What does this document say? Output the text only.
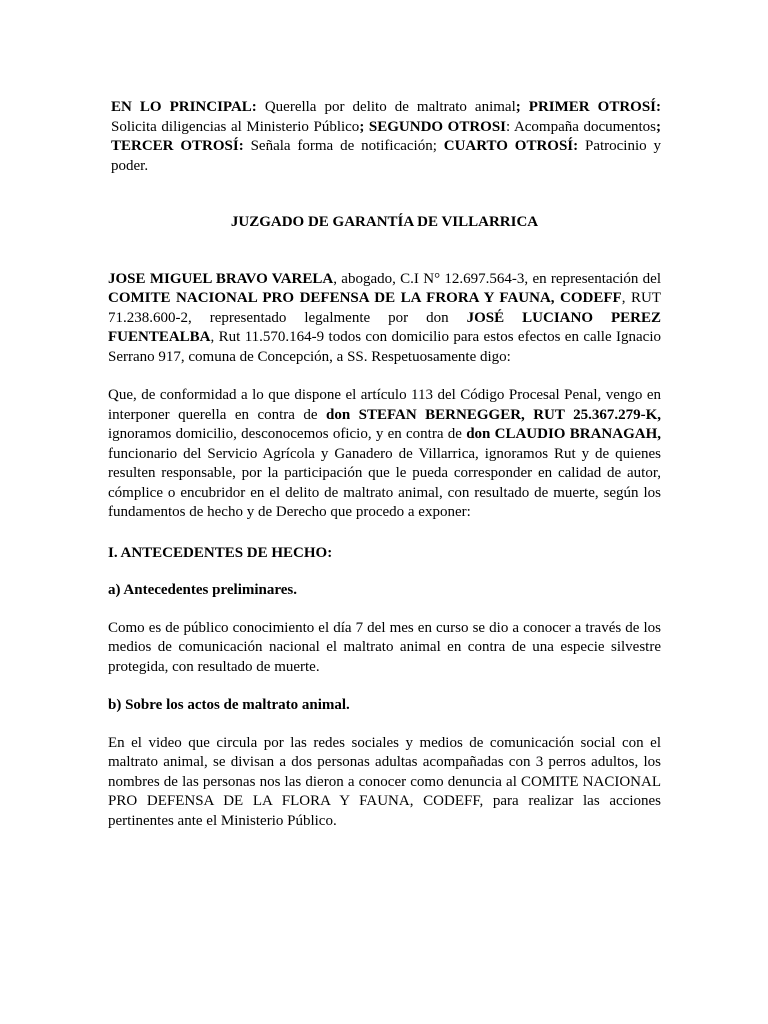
EN LO PRINCIPAL: Querella por delito de maltrato animal; PRIMER OTROSÍ: Solicita diligencias al Ministerio Público; SEGUNDO OTROSI: Acompaña documentos; TERCER OTROSÍ: Señala forma de notificación; CUARTO OTROSÍ: Patrocinio y poder.

JUZGADO DE GARANTÍA DE VILLARRICA

JOSE MIGUEL BRAVO VARELA, abogado, C.I N° 12.697.564-3, en representación del COMITE NACIONAL PRO DEFENSA DE LA FRORA Y FAUNA, CODEFF, RUT 71.238.600-2, representado legalmente por don JOSÉ LUCIANO PEREZ FUENTEALBA, Rut 11.570.164-9 todos con domicilio para estos efectos en calle Ignacio Serrano 917, comuna de Concepción, a SS. Respetuosamente digo:

Que, de conformidad a lo que dispone el artículo 113 del Código Procesal Penal, vengo en interponer querella en contra de don STEFAN BERNEGGER, RUT 25.367.279-K, ignoramos domicilio, desconocemos oficio, y en contra de don CLAUDIO BRANAGAH, funcionario del Servicio Agrícola y Ganadero de Villarrica, ignoramos Rut y de quienes resulten responsable, por la participación que le pueda corresponder en calidad de autor, cómplice o encubridor en el delito de maltrato animal, con resultado de muerte, según los fundamentos de hecho y de Derecho que procedo a exponer:

I. ANTECEDENTES DE HECHO:

a) Antecedentes preliminares.

Como es de público conocimiento el día 7 del mes en curso se dio a conocer a través de los medios de comunicación nacional el maltrato animal en contra de una especie silvestre protegida, con resultado de muerte.

b) Sobre los actos de maltrato animal.

En el video que circula por las redes sociales y medios de comunicación social con el maltrato animal, se divisan a dos personas adultas acompañadas con 3 perros adultos, los nombres de las personas nos las dieron a conocer como denuncia al COMITE NACIONAL PRO DEFENSA DE LA FLORA Y FAUNA, CODEFF, para realizar las acciones pertinentes ante el Ministerio Público.
